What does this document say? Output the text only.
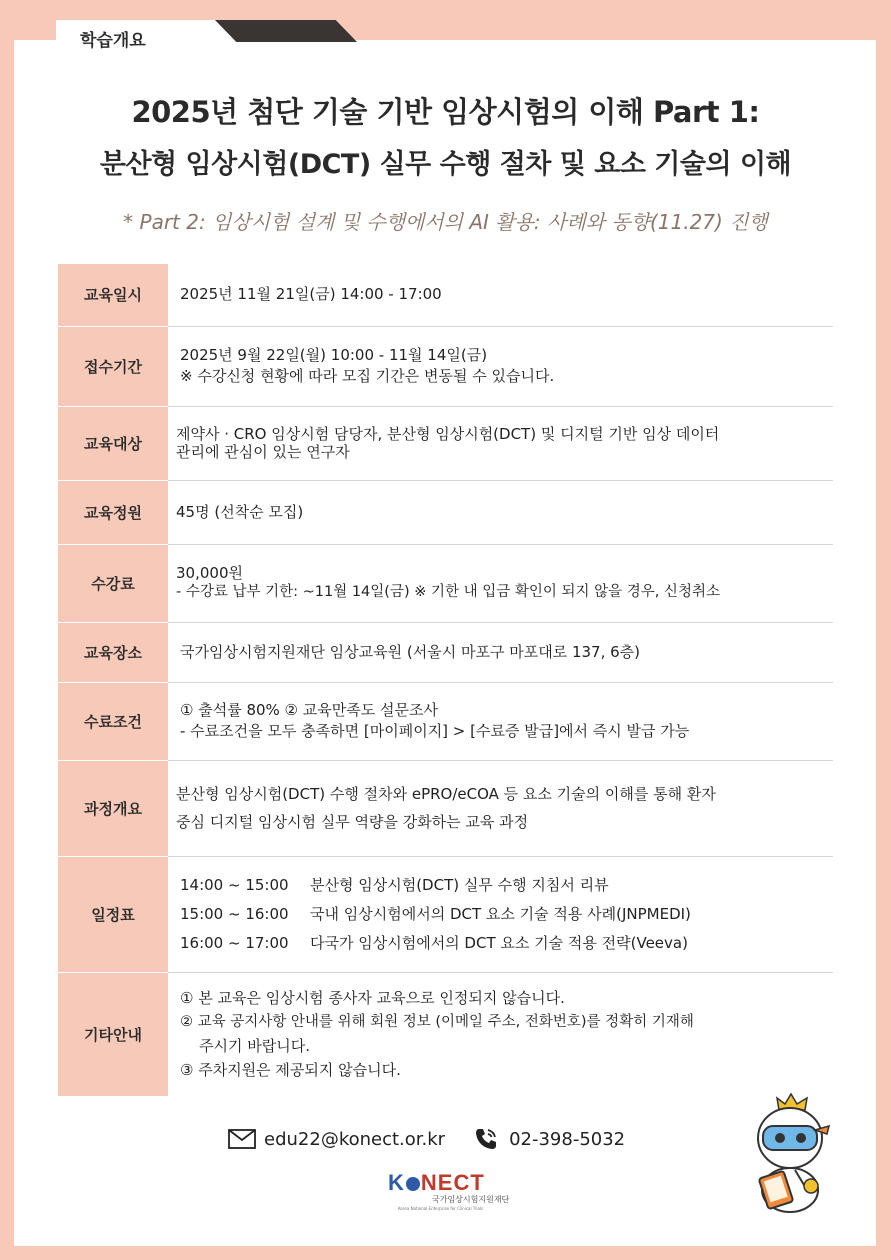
학습개요
2025년 첨단 기술 기반 임상시험의 이해 Part 1:
분산형 임상시험(DCT) 실무 수행 절차 및 요소 기술의 이해
* Part 2: 임상시험 설계 및 수행에서의 AI 활용: 사례와 동향(11.27) 진행
교육일시	2025년 11월 21일(금) 14:00 - 17:00

접수기간	2025년 9월 22일(월) 10:00 - 11월 14일(금)
※ 수강신청 현황에 따라 모집 기간은 변동될 수 있습니다.

교육대상	제약사 · CRO 임상시험 담당자, 분산형 임상시험(DCT) 및 디지털 기반 임상 데이터
관리에 관심이 있는 연구자

교육정원	45명 (선착순 모집)

수강료	30,000원
- 수강료 납부 기한: ~11월 14일(금) ※ 기한 내 입금 확인이 되지 않을 경우, 신청취소

교육장소	국가임상시험지원재단 임상교육원 (서울시 마포구 마포대로 137, 6층)

수료조건	① 출석률 80% ② 교육만족도 설문조사
- 수료조건을 모두 충족하면 [마이페이지] > [수료증 발급]에서 즉시 발급 가능

과정개요	분산형 임상시험(DCT) 수행 절차와 ePRO/eCOA 등 요소 기술의 이해를 통해 환자
중심 디지털 임상시험 실무 역량을 강화하는 교육 과정

일정표	14:00 ~ 15:00 분산형 임상시험(DCT) 실무 수행 지침서 리뷰
15:00 ~ 16:00 국내 임상시험에서의 DCT 요소 기술 적용 사례(JNPMEDI)
16:00 ~ 17:00 다국가 임상시험에서의 DCT 요소 기술 적용 전략(Veeva)

기타안내	① 본 교육은 임상시험 종사자 교육으로 인정되지 않습니다.
② 교육 공지사항 안내를 위해 회원 정보 (이메일 주소, 전화번호)를 정확히 기재해
주시기 바랍니다.
③ 주차지원은 제공되지 않습니다.
edu22@konect.or.kr	02-398-5032
K NECT
국가임상시험지원재단
Korea National Enterprise for Clinical Trials
